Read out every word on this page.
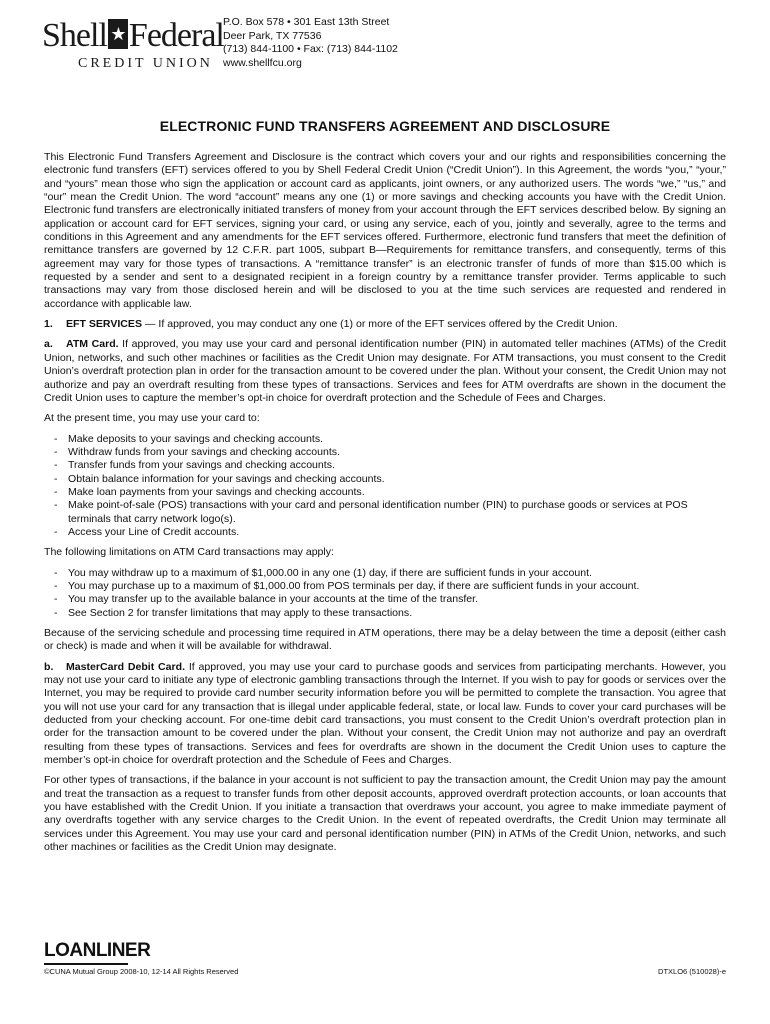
Shell ★ Federal
CREDIT UNION
P.O. Box 578 • 301 East 13th Street
Deer Park, TX 77536
(713) 844-1100 • Fax: (713) 844-1102
www.shellfcu.org
ELECTRONIC FUND TRANSFERS AGREEMENT AND DISCLOSURE

This Electronic Fund Transfers Agreement and Disclosure is the contract which covers your and our rights and responsibilities concerning the electronic fund transfers (EFT) services offered to you by Shell Federal Credit Union (“Credit Union”). In this Agreement, the words “you,” “your,” and “yours” mean those who sign the application or account card as applicants, joint owners, or any authorized users. The words “we,” “us,” and “our” mean the Credit Union. The word “account” means any one (1) or more savings and checking accounts you have with the Credit Union. Electronic fund transfers are electronically initiated transfers of money from your account through the EFT services described below. By signing an application or account card for EFT services, signing your card, or using any service, each of you, jointly and severally, agree to the terms and conditions in this Agreement and any amendments for the EFT services offered. Furthermore, electronic fund transfers that meet the definition of remittance transfers are governed by 12 C.F.R. part 1005, subpart B—Requirements for remittance transfers, and consequently, terms of this agreement may vary for those types of transactions. A “remittance transfer” is an electronic transfer of funds of more than $15.00 which is requested by a sender and sent to a designated recipient in a foreign country by a remittance transfer provider. Terms applicable to such transactions may vary from those disclosed herein and will be disclosed to you at the time such services are requested and rendered in accordance with applicable law.

1. EFT SERVICES — If approved, you may conduct any one (1) or more of the EFT services offered by the Credit Union.

a. ATM Card. If approved, you may use your card and personal identification number (PIN) in automated teller machines (ATMs) of the Credit Union, networks, and such other machines or facilities as the Credit Union may designate. For ATM transactions, you must consent to the Credit Union’s overdraft protection plan in order for the transaction amount to be covered under the plan. Without your consent, the Credit Union may not authorize and pay an overdraft resulting from these types of transactions. Services and fees for ATM overdrafts are shown in the document the Credit Union uses to capture the member’s opt-in choice for overdraft protection and the Schedule of Fees and Charges.

At the present time, you may use your card to:

- Make deposits to your savings and checking accounts.
- Withdraw funds from your savings and checking accounts.
- Transfer funds from your savings and checking accounts.
- Obtain balance information for your savings and checking accounts.
- Make loan payments from your savings and checking accounts.
- Make point-of-sale (POS) transactions with your card and personal identification number (PIN) to purchase goods or services at POS terminals that carry network logo(s).
- Access your Line of Credit accounts.

The following limitations on ATM Card transactions may apply:

- You may withdraw up to a maximum of $1,000.00 in any one (1) day, if there are sufficient funds in your account.
- You may purchase up to a maximum of $1,000.00 from POS terminals per day, if there are sufficient funds in your account.
- You may transfer up to the available balance in your accounts at the time of the transfer.
- See Section 2 for transfer limitations that may apply to these transactions.

Because of the servicing schedule and processing time required in ATM operations, there may be a delay between the time a deposit (either cash or check) is made and when it will be available for withdrawal.

b. MasterCard Debit Card. If approved, you may use your card to purchase goods and services from participating merchants. However, you may not use your card to initiate any type of electronic gambling transactions through the Internet. If you wish to pay for goods or services over the Internet, you may be required to provide card number security information before you will be permitted to complete the transaction. You agree that you will not use your card for any transaction that is illegal under applicable federal, state, or local law. Funds to cover your card purchases will be deducted from your checking account. For one-time debit card transactions, you must consent to the Credit Union’s overdraft protection plan in order for the transaction amount to be covered under the plan. Without your consent, the Credit Union may not authorize and pay an overdraft resulting from these types of transactions. Services and fees for overdrafts are shown in the document the Credit Union uses to capture the member’s opt-in choice for overdraft protection and the Schedule of Fees and Charges.

For other types of transactions, if the balance in your account is not sufficient to pay the transaction amount, the Credit Union may pay the amount and treat the transaction as a request to transfer funds from other deposit accounts, approved overdraft protection accounts, or loan accounts that you have established with the Credit Union. If you initiate a transaction that overdraws your account, you agree to make immediate payment of any overdrafts together with any service charges to the Credit Union. In the event of repeated overdrafts, the Credit Union may terminate all services under this Agreement. You may use your card and personal identification number (PIN) in ATMs of the Credit Union, networks, and such other machines or facilities as the Credit Union may designate.

LOANLINER
©CUNA Mutual Group 2008-10, 12-14 All Rights Reserved	DTXLO6 (510028)-e
